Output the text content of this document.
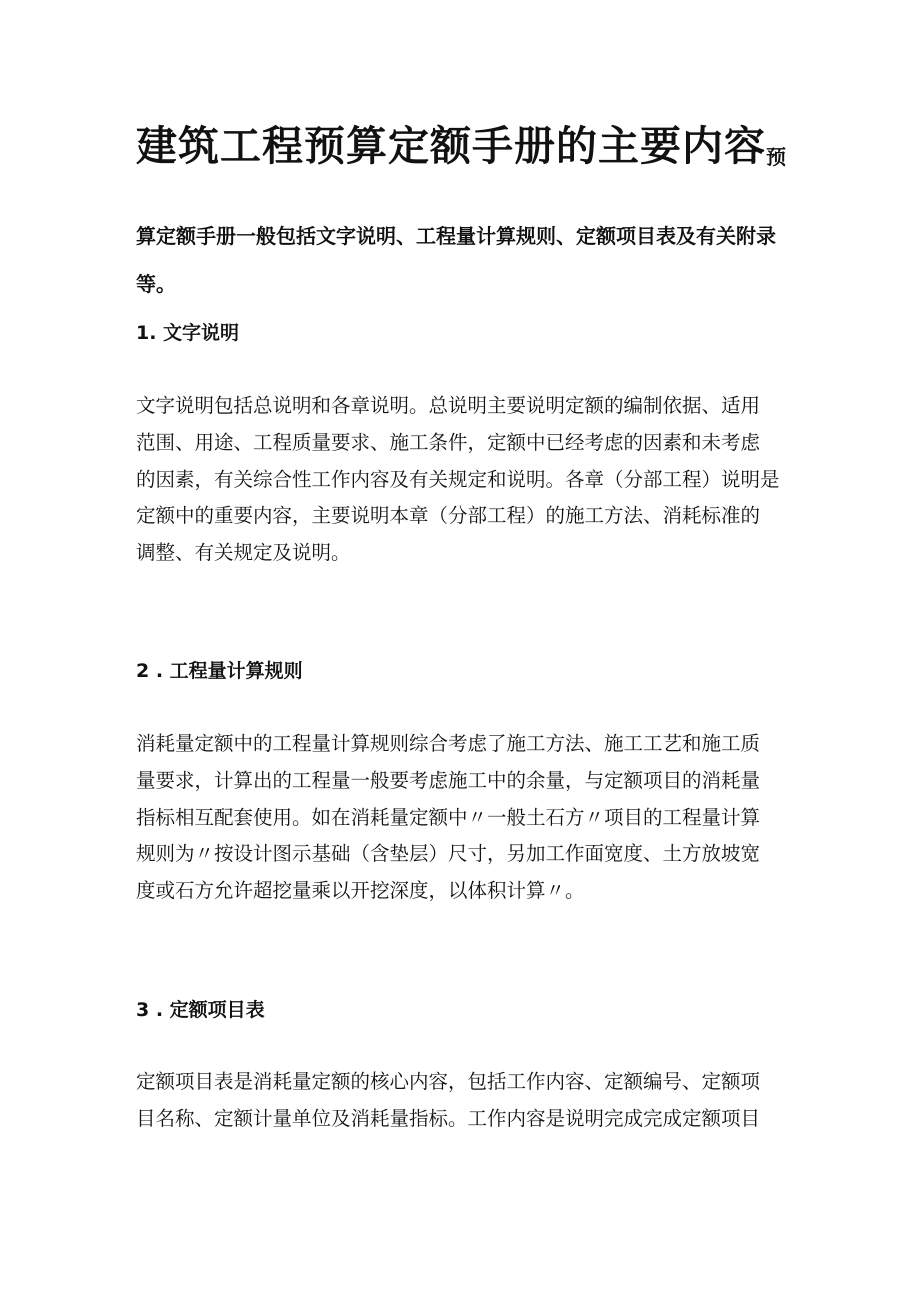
建筑工程预算定额手册的主要内容预

算定额手册一般包括文字说明、工程量计算规则、定额项目表及有关附录
等。

1. 文字说明

文字说明包括总说明和各章说明。总说明主要说明定额的编制依据、适用
范围、用途、工程质量要求、施工条件，定额中已经考虑的因素和未考虑
的因素，有关综合性工作内容及有关规定和说明。各章（分部工程）说明是
定额中的重要内容，主要说明本章（分部工程）的施工方法、消耗标准的
调整、有关规定及说明。

2 . 工程量计算规则

消耗量定额中的工程量计算规则综合考虑了施工方法、施工工艺和施工质
量要求，计算出的工程量一般要考虑施工中的余量，与定额项目的消耗量
指标相互配套使用。如在消耗量定额中〃一般土石方〃项目的工程量计算
规则为〃按设计图示基础（含垫层）尺寸，另加工作面宽度、土方放坡宽
度或石方允许超挖量乘以开挖深度，以体积计算〃。

3 . 定额项目表

定额项目表是消耗量定额的核心内容，包括工作内容、定额编号、定额项
目名称、定额计量单位及消耗量指标。工作内容是说明完成完成定额项目
